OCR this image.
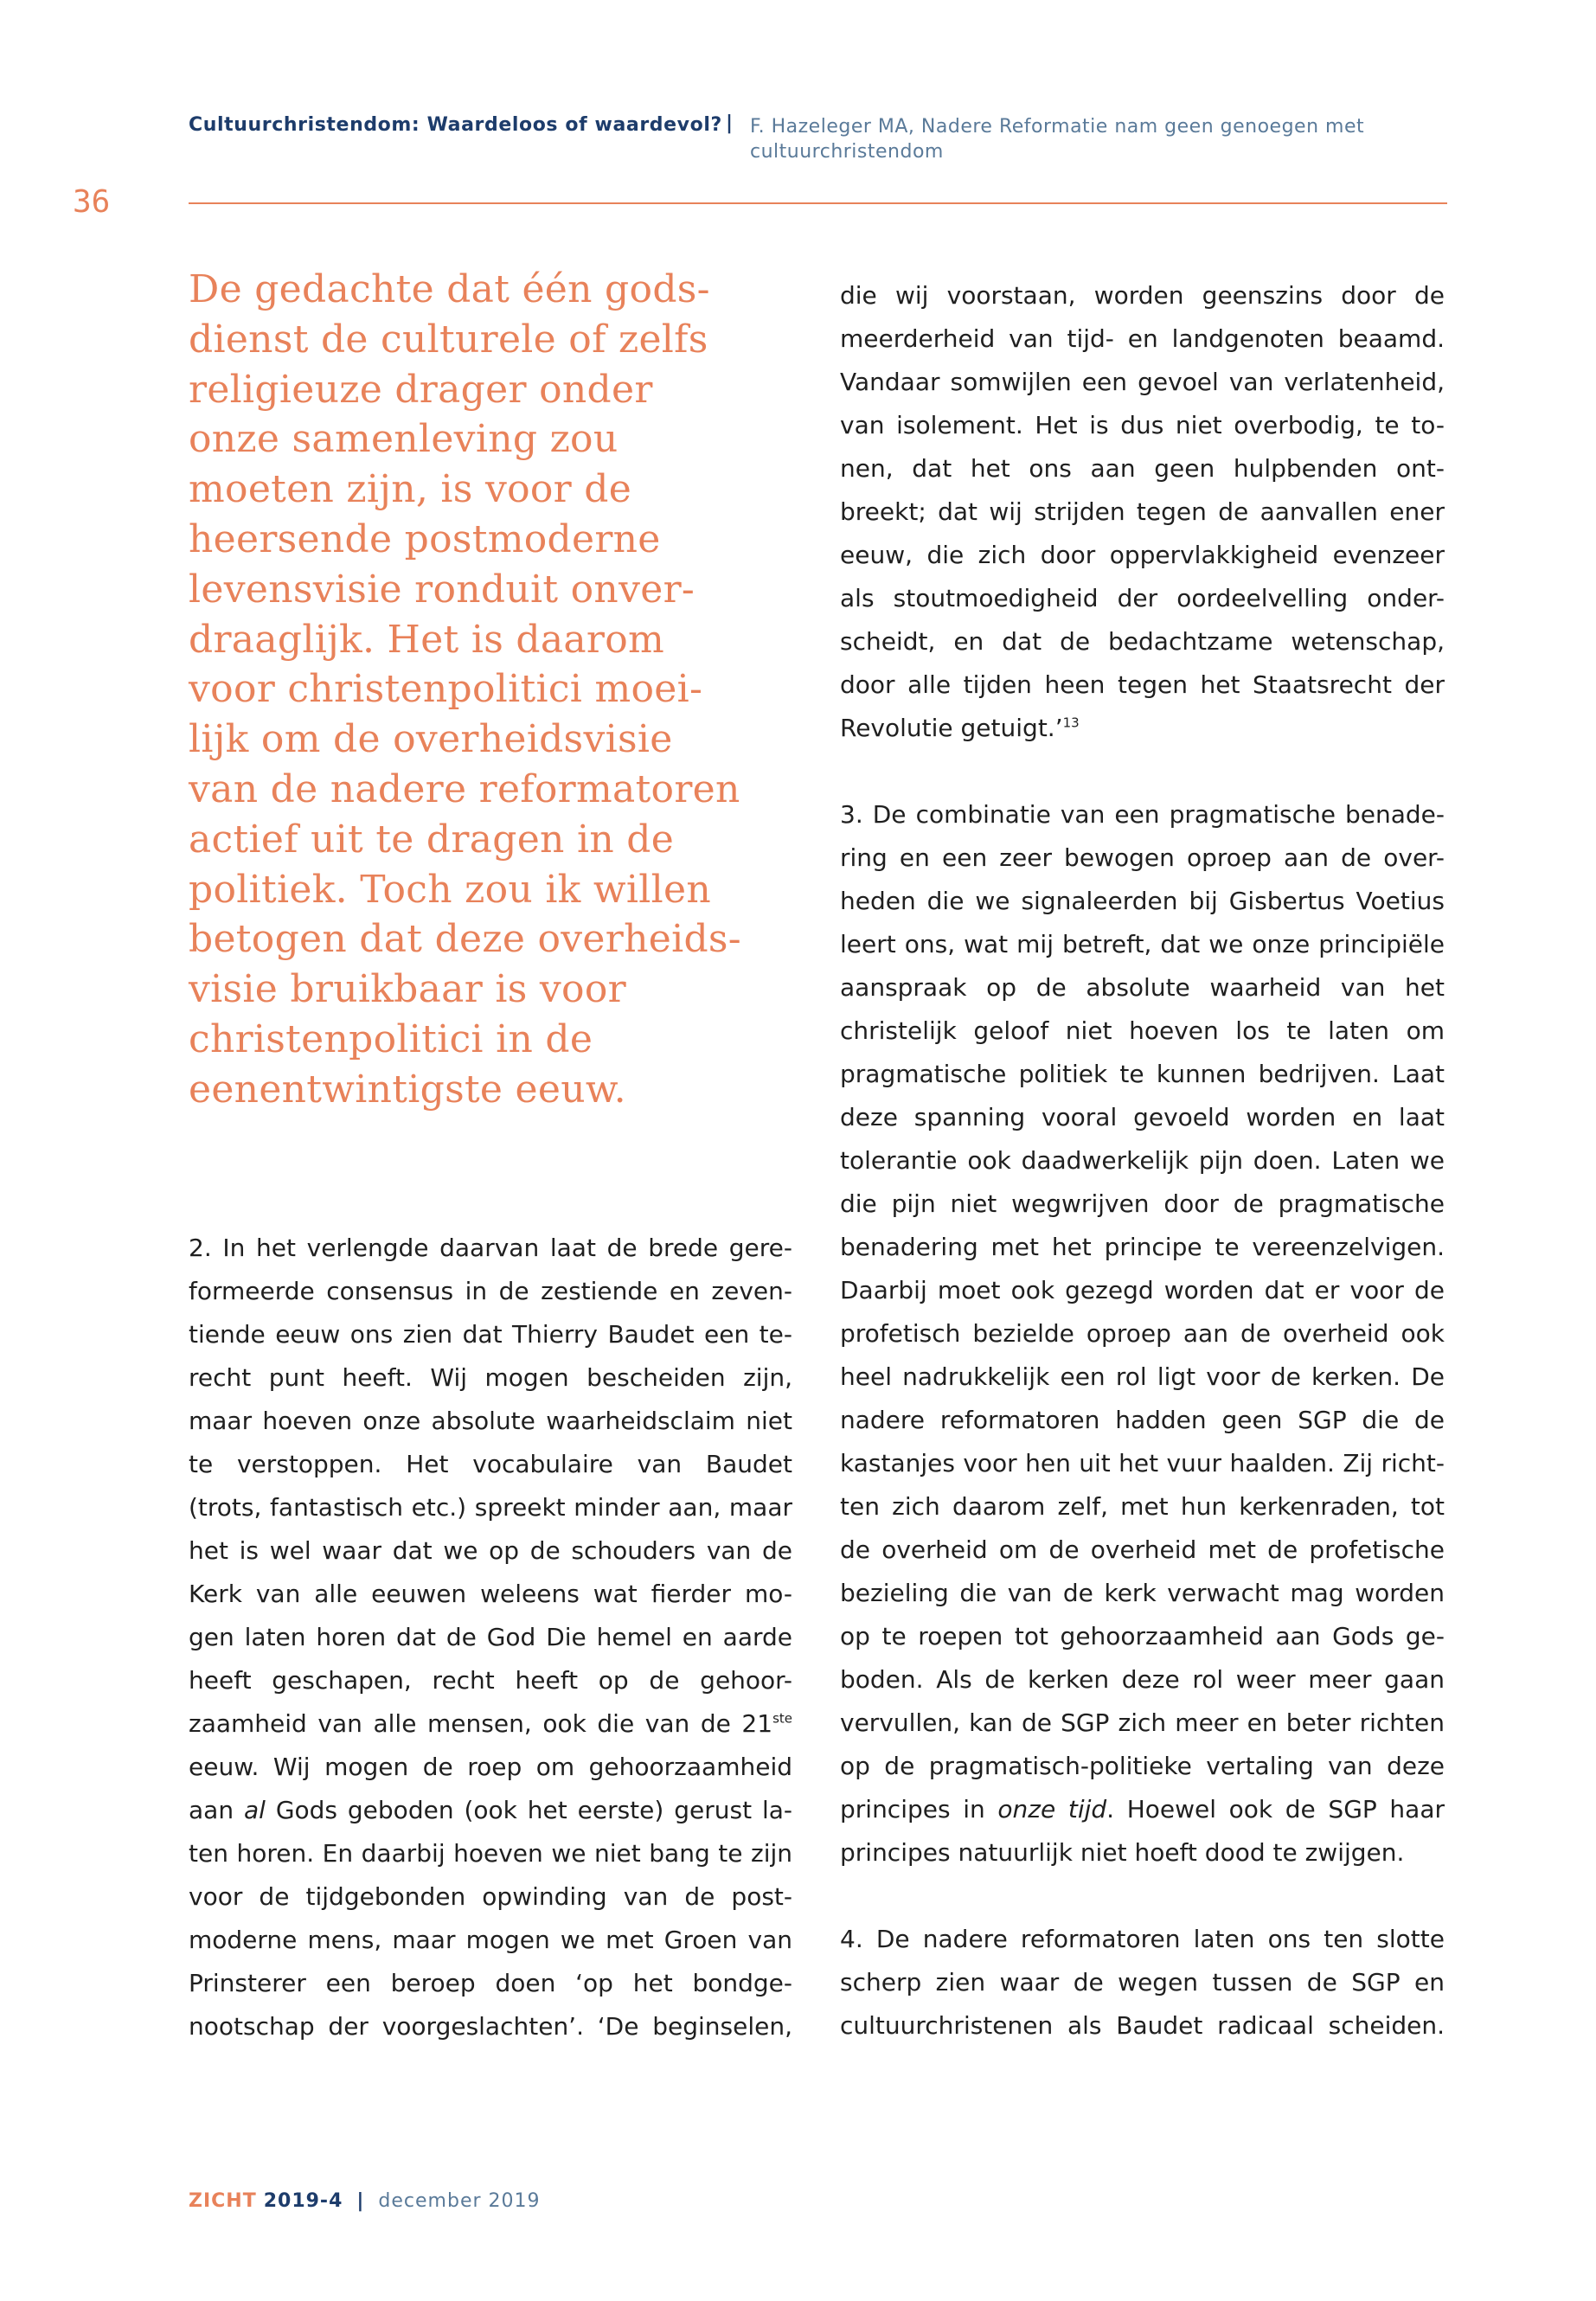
Cultuurchristendom: Waardeloos of waardevol? | F. Hazeleger MA, Nadere Reformatie nam geen genoegen met
cultuurchristendom
36
De gedachte dat één gods-
dienst de culturele of zelfs
religieuze drager onder
onze samenleving zou
moeten zijn, is voor de
heersende postmoderne
levensvisie ronduit onver-
draaglijk. Het is daarom
voor christenpolitici moei-
lijk om de overheidsvisie
van de nadere reformatoren
actief uit te dragen in de
politiek. Toch zou ik willen
betogen dat deze overheids-
visie bruikbaar is voor
christenpolitici in de
eenentwintigste eeuw.
2. In het verlengde daarvan laat de brede gere-
formeerde consensus in de zestiende en zeven-
tiende eeuw ons zien dat Thierry Baudet een te-
recht punt heeft. Wij mogen bescheiden zijn,
maar hoeven onze absolute waarheidsclaim niet
te verstoppen. Het vocabulaire van Baudet
(trots, fantastisch etc.) spreekt minder aan, maar
het is wel waar dat we op de schouders van de
Kerk van alle eeuwen weleens wat fierder mo-
gen laten horen dat de God Die hemel en aarde
heeft geschapen, recht heeft op de gehoor-
zaamheid van alle mensen, ook die van de 21ste
eeuw. Wij mogen de roep om gehoorzaamheid
aan al Gods geboden (ook het eerste) gerust la-
ten horen. En daarbij hoeven we niet bang te zijn
voor de tijdgebonden opwinding van de post-
moderne mens, maar mogen we met Groen van
Prinsterer een beroep doen ‘op het bondge-
nootschap der voorgeslachten’. ‘De beginselen,
die wij voorstaan, worden geenszins door de
meerderheid van tijd- en landgenoten beaamd.
Vandaar somwijlen een gevoel van verlatenheid,
van isolement. Het is dus niet overbodig, te to-
nen, dat het ons aan geen hulpbenden ont-
breekt; dat wij strijden tegen de aanvallen ener
eeuw, die zich door oppervlakkigheid evenzeer
als stoutmoedigheid der oordeelvelling onder-
scheidt, en dat de bedachtzame wetenschap,
door alle tijden heen tegen het Staatsrecht der
Revolutie getuigt.’$^{13}$
3. De combinatie van een pragmatische benade-
ring en een zeer bewogen oproep aan de over-
heden die we signaleerden bij Gisbertus Voetius
leert ons, wat mij betreft, dat we onze principiële
aanspraak op de absolute waarheid van het
christelijk geloof niet hoeven los te laten om
pragmatische politiek te kunnen bedrijven. Laat
deze spanning vooral gevoeld worden en laat
tolerantie ook daadwerkelijk pijn doen. Laten we
die pijn niet wegwrijven door de pragmatische
benadering met het principe te vereenzelvigen.
Daarbij moet ook gezegd worden dat er voor de
profetisch bezielde oproep aan de overheid ook
heel nadrukkelijk een rol ligt voor de kerken. De
nadere reformatoren hadden geen SGP die de
kastanjes voor hen uit het vuur haalden. Zij richt-
ten zich daarom zelf, met hun kerkenraden, tot
de overheid om de overheid met de profetische
bezieling die van de kerk verwacht mag worden
op te roepen tot gehoorzaamheid aan Gods ge-
boden. Als de kerken deze rol weer meer gaan
vervullen, kan de SGP zich meer en beter richten
op de pragmatisch-politieke vertaling van deze
principes in onze tijd. Hoewel ook de SGP haar
principes natuurlijk niet hoeft dood te zwijgen.
4. De nadere reformatoren laten ons ten slotte
scherp zien waar de wegen tussen de SGP en
cultuurchristenen als Baudet radicaal scheiden.
ZICHT 2019-4 | december 2019
